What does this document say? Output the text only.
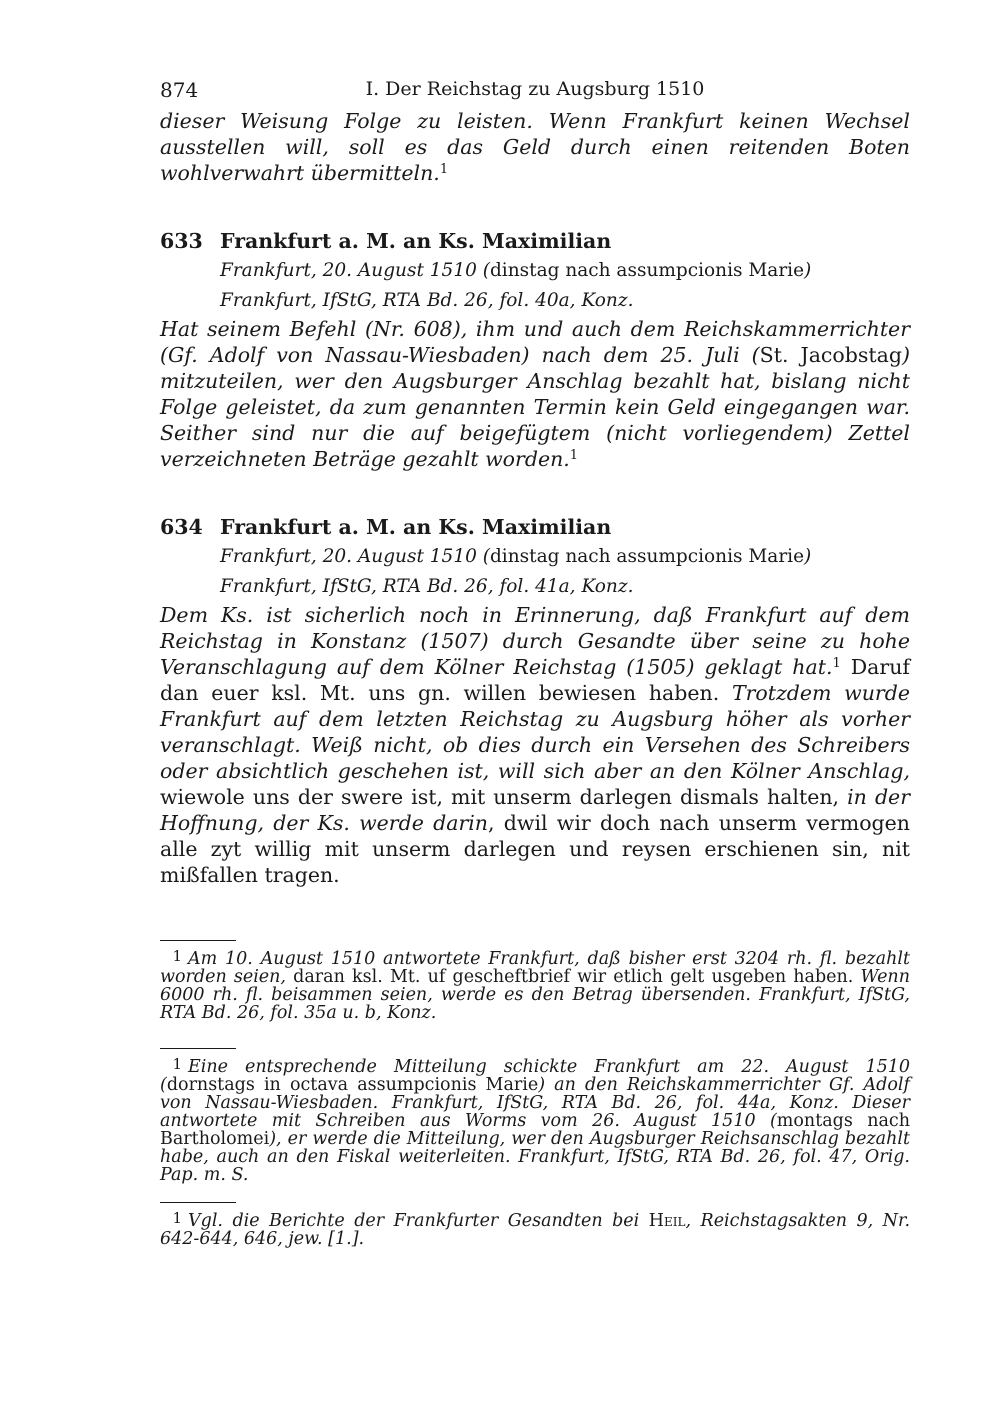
874	I. Der Reichstag zu Augsburg 1510

dieser Weisung Folge zu leisten. Wenn Frankfurt keinen Wechsel ausstellen will, soll es das Geld durch einen reitenden Boten wohlverwahrt übermitteln.$^1$

633 Frankfurt a. M. an Ks. Maximilian

Frankfurt, 20. August 1510 (dinstag nach assumpcionis Marie)

Frankfurt, IfStG, RTA Bd. 26, fol. 40a, Konz.

Hat seinem Befehl (Nr. 608), ihm und auch dem Reichskammerrichter (Gf. Adolf von Nassau-Wiesbaden) nach dem 25. Juli (St. Jacobstag) mitzuteilen, wer den Augsburger Anschlag bezahlt hat, bislang nicht Folge geleistet, da zum genannten Termin kein Geld eingegangen war. Seither sind nur die auf beigefügtem (nicht vorliegendem) Zettel verzeichneten Beträge gezahlt worden.$^1$

634 Frankfurt a. M. an Ks. Maximilian

Frankfurt, 20. August 1510 (dinstag nach assumpcionis Marie)

Frankfurt, IfStG, RTA Bd. 26, fol. 41a, Konz.

Dem Ks. ist sicherlich noch in Erinnerung, daß Frankfurt auf dem Reichstag in Konstanz (1507) durch Gesandte über seine zu hohe Veranschlagung auf dem Kölner Reichstag (1505) geklagt hat.$^1$ Daruf dan euer ksl. Mt. uns gn. willen bewiesen haben. Trotzdem wurde Frankfurt auf dem letzten Reichstag zu Augsburg höher als vorher veranschlagt. Weiß nicht, ob dies durch ein Versehen des Schreibers oder absichtlich geschehen ist, will sich aber an den Kölner Anschlag, wiewole uns der swere ist, mit unserm darlegen dismals halten, in der Hoffnung, der Ks. werde darin, dwil wir doch nach unserm vermogen alle zyt willig mit unserm darlegen und reysen erschienen sin, nit mißfallen tragen.

1 Am 10. August 1510 antwortete Frankfurt, daß bisher erst 3204 rh. fl. bezahlt worden seien, daran ksl. Mt. uf gescheftbrief wir etlich gelt usgeben haben. Wenn 6000 rh. fl. beisammen seien, werde es den Betrag übersenden. Frankfurt, IfStG, RTA Bd. 26, fol. 35a u. b, Konz.

1 Eine entsprechende Mitteilung schickte Frankfurt am 22. August 1510 (dornstags in octava assumpcionis Marie) an den Reichskammerrichter Gf. Adolf von Nassau-Wiesbaden. Frankfurt, IfStG, RTA Bd. 26, fol. 44a, Konz. Dieser antwortete mit Schreiben aus Worms vom 26. August 1510 (montags nach Bartholomei), er werde die Mitteilung, wer den Augsburger Reichsanschlag bezahlt habe, auch an den Fiskal weiterleiten. Frankfurt, IfStG, RTA Bd. 26, fol. 47, Orig. Pap. m. S.

1 Vgl. die Berichte der Frankfurter Gesandten bei Heil, Reichstagsakten 9, Nr. 642-644, 646, jew. [1.].
